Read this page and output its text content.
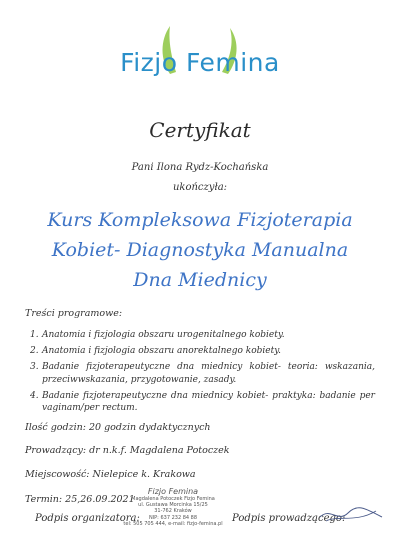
Fizjo Femina
Certyfikat
Pani Ilona Rydz-Kochańska
ukończyła:
Kurs Kompleksowa Fizjoterapia
Kobiet- Diagnostyka Manualna
Dna Miednicy
Treści programowe:
1. Anatomia i fizjologia obszaru urogenitalnego kobiety.
2. Anatomia i fizjologia obszaru anorektalnego kobiety.
3. Badanie fizjoterapeutyczne dna miednicy kobiet- teoria: wskazania, przeciwwskazania, przygotowanie, zasady.
4. Badanie fizjoterapeutyczne dna miednicy kobiet- praktyka: badanie per vaginam/per rectum.
Ilość godzin: 20 godzin dydaktycznych
Prowadzący: dr n.k.f. Magdalena Potoczek
Miejscowość: Nielepice k. Krakowa
Termin: 25,26.09.2021
Podpis organizatora:	Podpis prowadzącego:
Fizjo Femina
Magdalena Potoczek Fizjo Femina
ul. Gustawa Morcinka 15/25
31-762 Kraków
NIP: 637 232 84 88
tel: 505 705 444, e-mail: fizjo-femina.pl
